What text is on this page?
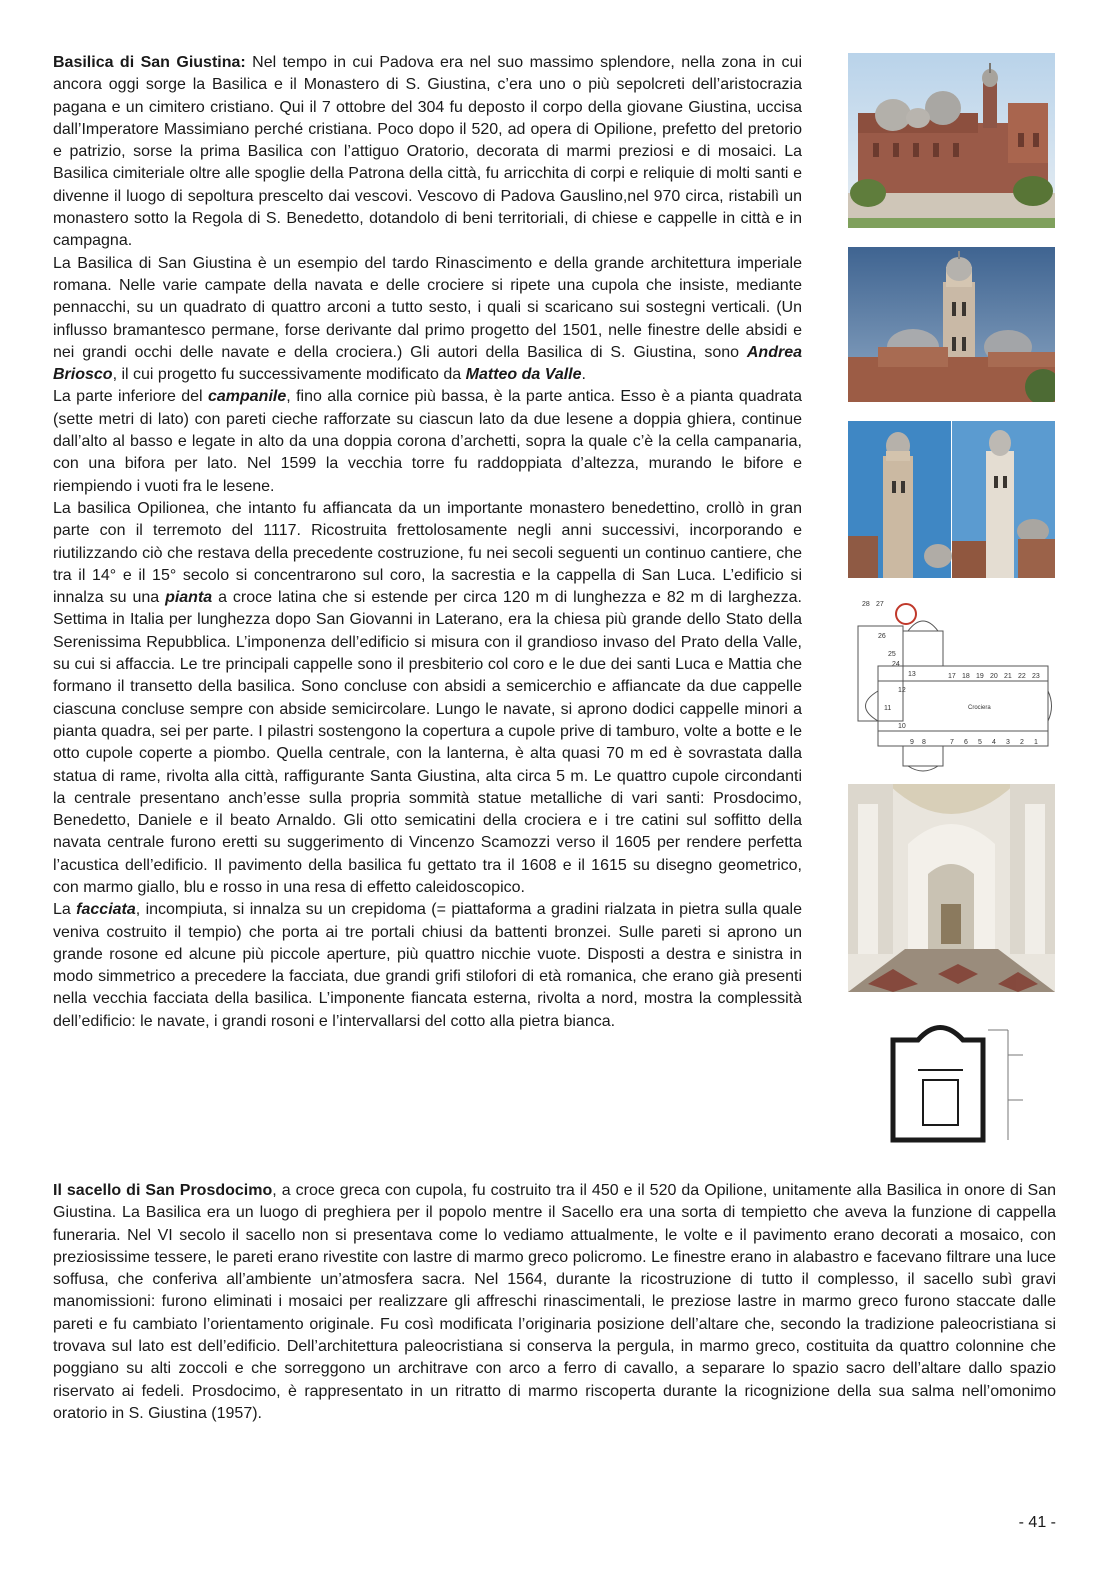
Basilica di San Giustina: Nel tempo in cui Padova era nel suo massimo splendore, nella zona in cui ancora oggi sorge la Basilica e il Monastero di S. Giustina, c’era uno o più sepolcreti dell’aristocrazia pagana e un cimitero cristiano. Qui il 7 ottobre del 304 fu deposto il corpo della giovane Giustina, uccisa dall’Imperatore Massimiano perché cristiana. Poco dopo il 520, ad opera di Opilione, prefetto del pretorio e patrizio, sorse la prima Basilica con l’attiguo Oratorio, decorata di marmi preziosi e di mosaici. La Basilica cimiteriale oltre alle spoglie della Patrona della città, fu arricchita di corpi e reliquie di molti santi e divenne il luogo di sepoltura prescelto dai vescovi. Vescovo di Padova Gauslino,nel 970 circa, ristabilì un monastero sotto la Regola di S. Benedetto, dotandolo di beni territoriali, di chiese e cappelle in città e in campagna.

La Basilica di San Giustina è un esempio del tardo Rinascimento e della grande architettura imperiale romana. Nelle varie campate della navata e delle crociere si ripete una cupola che insiste, mediante pennacchi, su un quadrato di quattro arconi a tutto sesto, i quali si scaricano sui sostegni verticali. (Un influsso bramantesco permane, forse derivante dal primo progetto del 1501, nelle finestre delle absidi e nei grandi occhi delle navate e della crociera.) Gli autori della Basilica di S. Giustina, sono Andrea Briosco, il cui progetto fu successivamente modificato da Matteo da Valle.

La parte inferiore del campanile, fino alla cornice più bassa, è la parte antica. Esso è a pianta quadrata (sette metri di lato) con pareti cieche rafforzate su ciascun lato da due lesene a doppia ghiera, continue dall’alto al basso e legate in alto da una doppia corona d’archetti, sopra la quale c’è la cella campanaria, con una bifora per lato. Nel 1599 la vecchia torre fu raddoppiata d’altezza, murando le bifore e riempiendo i vuoti fra le lesene.

La basilica Opilionea, che intanto fu affiancata da un importante monastero benedettino, crollò in gran parte con il terremoto del 1117. Ricostruita frettolosamente negli anni successivi, incorporando e riutilizzando ciò che restava della precedente costruzione, fu nei secoli seguenti un continuo cantiere, che tra il 14° e il 15° secolo si concentrarono sul coro, la sacrestia e la cappella di San Luca. L’edificio si innalza su una pianta a croce latina che si estende per circa 120 m di lunghezza e 82 m di larghezza. Settima in Italia per lunghezza dopo San Giovanni in Laterano, era la chiesa più grande dello Stato della Serenissima Repubblica. L’imponenza dell’edificio si misura con il grandioso invaso del Prato della Valle, su cui si affaccia. Le tre principali cappelle sono il presbiterio col coro e le due dei santi Luca e Mattia che formano il transetto della basilica. Sono concluse con absidi a semicerchio e affiancate da due cappelle ciascuna concluse sempre con abside semicircolare. Lungo le navate, si aprono dodici cappelle minori a pianta quadra, sei per parte. I pilastri sostengono la copertura a cupole prive di tamburo, volte a botte e le otto cupole coperte a piombo. Quella centrale, con la lanterna, è alta quasi 70 m ed è sovrastata dalla statua di rame, rivolta alla città, raffigurante Santa Giustina, alta circa 5 m. Le quattro cupole circondanti la centrale presentano anch’esse sulla propria sommità statue metalliche di vari santi: Prosdocimo, Benedetto, Daniele e il beato Arnaldo. Gli otto semicatini della crociera e i tre catini sul soffitto della navata centrale furono eretti su suggerimento di Vincenzo Scamozzi verso il 1605 per rendere perfetta l’acustica dell’edificio. Il pavimento della basilica fu gettato tra il 1608 e il 1615 su disegno geometrico, con marmo giallo, blu e rosso in una resa di effetto caleidoscopico.

La facciata, incompiuta, si innalza su un crepidoma (= piattaforma a gradini rialzata in pietra sulla quale veniva costruito il tempio) che porta ai tre portali chiusi da battenti bronzei. Sulle pareti si aprono un grande rosone ed alcune più piccole aperture, più quattro nicchie vuote. Disposti a destra e sinistra in modo simmetrico a precedere la facciata, due grandi grifi stilofori di età romanica, che erano già presenti nella vecchia facciata della basilica. L’imponente fiancata esterna, rivolta a nord, mostra la complessità dell’edificio: le navate, i grandi rosoni e l’intervallarsi del cotto alla pietra bianca.

Il sacello di San Prosdocimo, a croce greca con cupola, fu costruito tra il 450 e il 520 da Opilione, unitamente alla Basilica in onore di San Giustina. La Basilica era un luogo di preghiera per il popolo mentre il Sacello era una sorta di tempietto che aveva la funzione di cappella funeraria. Nel VI secolo il sacello non si presentava come lo vediamo attualmente, le volte e il pavimento erano decorati a mosaico, con preziosissime tessere, le pareti erano rivestite con lastre di marmo greco policromo. Le finestre erano in alabastro e facevano filtrare una luce soffusa, che conferiva all’ambiente un’atmosfera sacra. Nel 1564, durante la ricostruzione di tutto il complesso, il sacello subì gravi manomissioni: furono eliminati i mosaici per realizzare gli affreschi rinascimentali, le preziose lastre in marmo greco furono staccate dalle pareti e fu cambiato l’orientamento originale. Fu così modificata l’originaria posizione dell’altare che, secondo la tradizione paleocristiana si trovava sul lato est dell’edificio. Dell’architettura paleocristiana si conserva la pergula, in marmo greco, costituita da quattro colonnine che poggiano su alti zoccoli e che sorreggono un architrave con arco a ferro di cavallo, a separare lo spazio sacro dell’altare dallo spazio riservato ai fedeli. Prosdocimo, è rappresentato in un ritratto di marmo riscoperta durante la ricognizione della sua salma nell’omonimo oratorio in S. Giustina (1957).

17 18 19 20 21 22 23
7 6 5 4 3 2 1
28 27
26
25
24
13
12
11
10
9 8
Crociera
- 41 -
